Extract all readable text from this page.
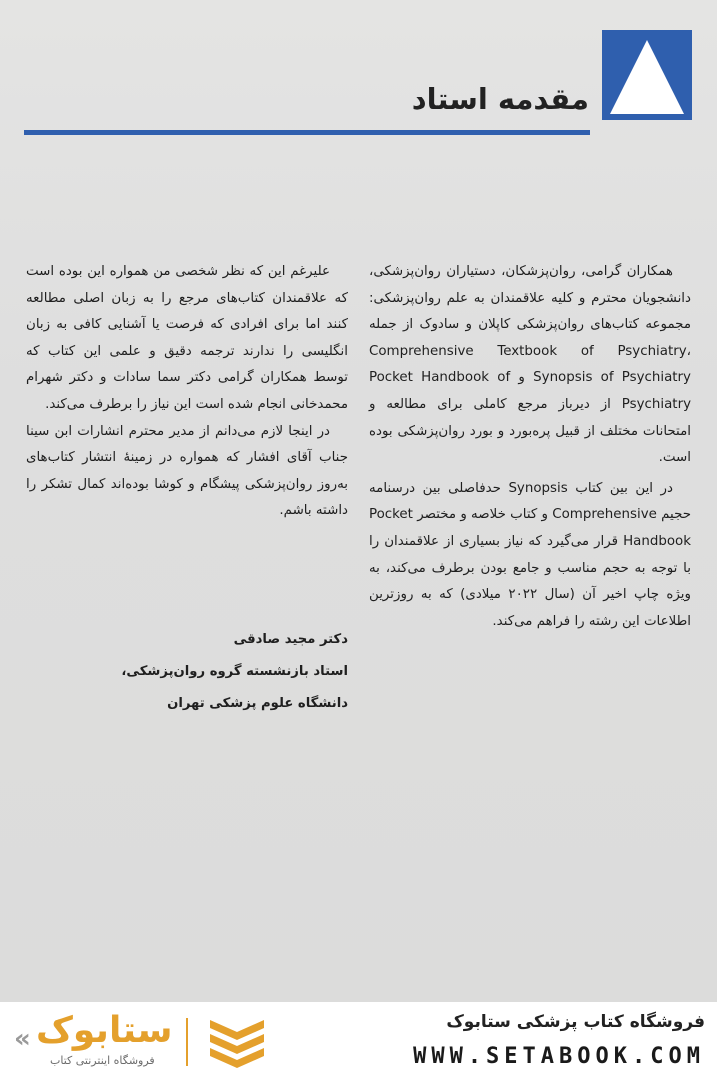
مقدمه استاد

همکاران گرامی، روان‌پزشکان، دستیاران روان‌پزشکی، دانشجویان محترم و کلیه علاقمندان به علم روان‌پزشکی: مجموعه کتاب‌های روان‌پزشکی کاپلان و سادوک از جمله Comprehensive Textbook of Psychiatry، Synopsis of Psychiatry و Pocket Handbook of Psychiatry از دیرباز مرجع کاملی برای مطالعه و امتحانات مختلف از قبیل پره‌بورد و بورد روان‌پزشکی بوده است.

در این بین کتاب Synopsis حدفاصلی بین درسنامه حجیم Comprehensive و کتاب خلاصه و مختصر Pocket Handbook قرار می‌گیرد که نیاز بسیاری از علاقمندان را با توجه به حجم مناسب و جامع بودن برطرف می‌کند، به ویژه چاپ اخیر آن (سال ۲۰۲۲ میلادی) که به روزترین اطلاعات این رشته را فراهم می‌کند.

علیرغم این که نظر شخصی من همواره این بوده است که علاقمندان کتاب‌های مرجع را به زبان اصلی مطالعه کنند اما برای افرادی که فرصت یا آشنایی کافی به زبان انگلیسی را ندارند ترجمه دقیق و علمی این کتاب که توسط همکاران گرامی دکتر سما سادات و دکتر شهرام محمدخانی انجام شده است این نیاز را برطرف می‌کند.

در اینجا لازم می‌دانم از مدیر محترم انشارات ابن سینا جناب آقای افشار که همواره در زمینهٔ انتشار کتاب‌های به‌روز روان‌پزشکی پیشگام و کوشا بوده‌اند کمال تشکر را داشته باشم.

دکتر مجید صادقی
استاد بازنشسته گروه روان‌پزشکی،
دانشگاه علوم پزشکی تهران
فروشگاه کتاب پزشکی ستابوک
WWW.SETABOOK.COM
« ستابوک
فروشگاه اینترنتی کتاب
